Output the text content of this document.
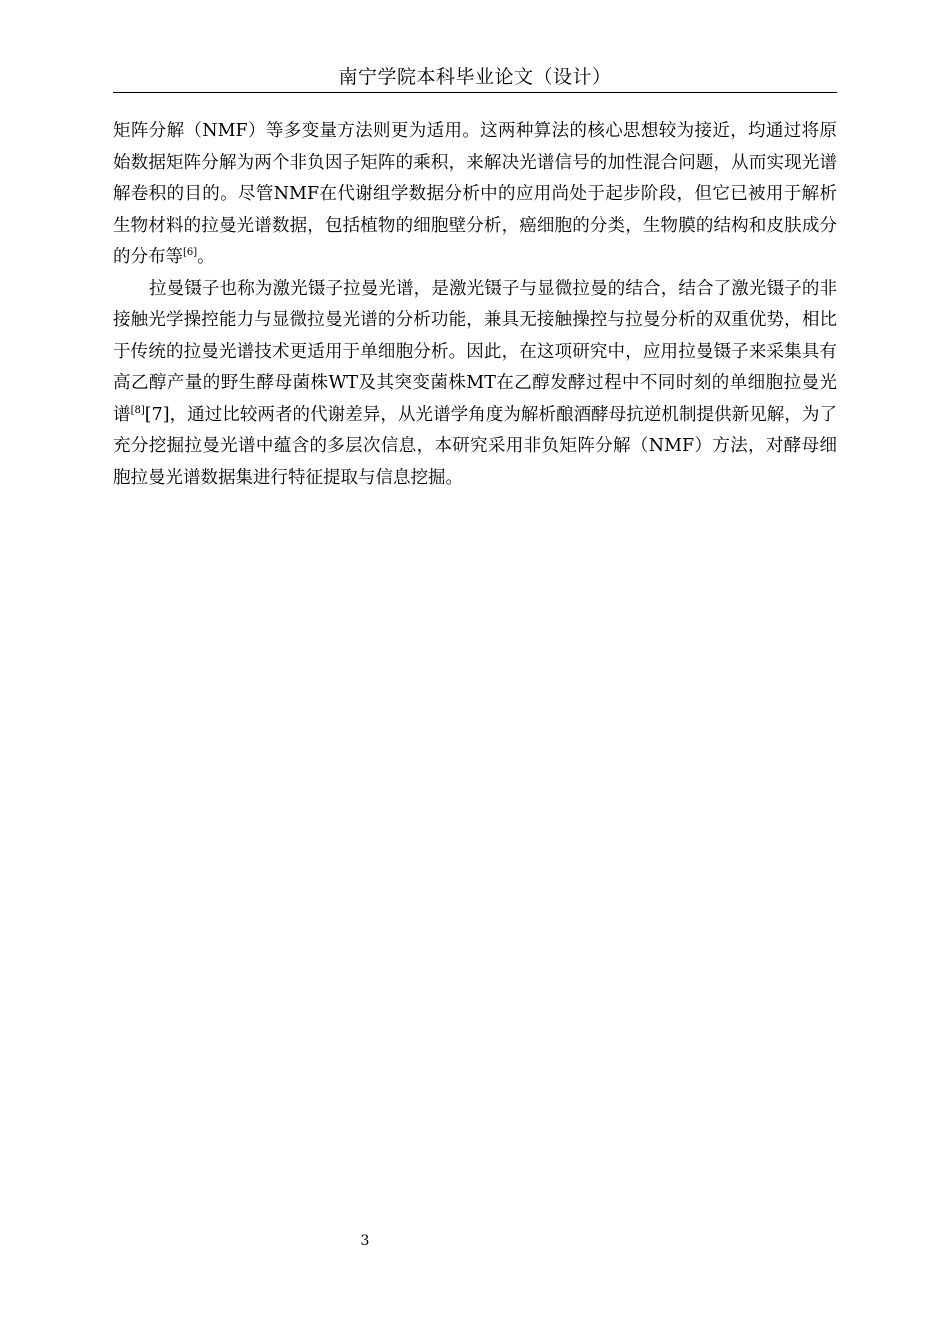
南宁学院本科毕业论文（设计）

矩阵分解（NMF）等多变量方法则更为适用。这两种算法的核心思想较为接近，均通过将原始数据矩阵分解为两个非负因子矩阵的乘积，来解决光谱信号的加性混合问题，从而实现光谱解卷积的目的。尽管NMF在代谢组学数据分析中的应用尚处于起步阶段，但它已被用于解析生物材料的拉曼光谱数据，包括植物的细胞壁分析，癌细胞的分类，生物膜的结构和皮肤成分的分布等[6]。

拉曼镊子也称为激光镊子拉曼光谱，是激光镊子与显微拉曼的结合，结合了激光镊子的非接触光学操控能力与显微拉曼光谱的分析功能，兼具无接触操控与拉曼分析的双重优势，相比于传统的拉曼光谱技术更适用于单细胞分析。因此，在这项研究中，应用拉曼镊子来采集具有高乙醇产量的野生酵母菌株WT及其突变菌株MT在乙醇发酵过程中不同时刻的单细胞拉曼光谱[8][7]，通过比较两者的代谢差异，从光谱学角度为解析酿酒酵母抗逆机制提供新见解，为了充分挖掘拉曼光谱中蕴含的多层次信息，本研究采用非负矩阵分解（NMF）方法，对酵母细胞拉曼光谱数据集进行特征提取与信息挖掘。

3
